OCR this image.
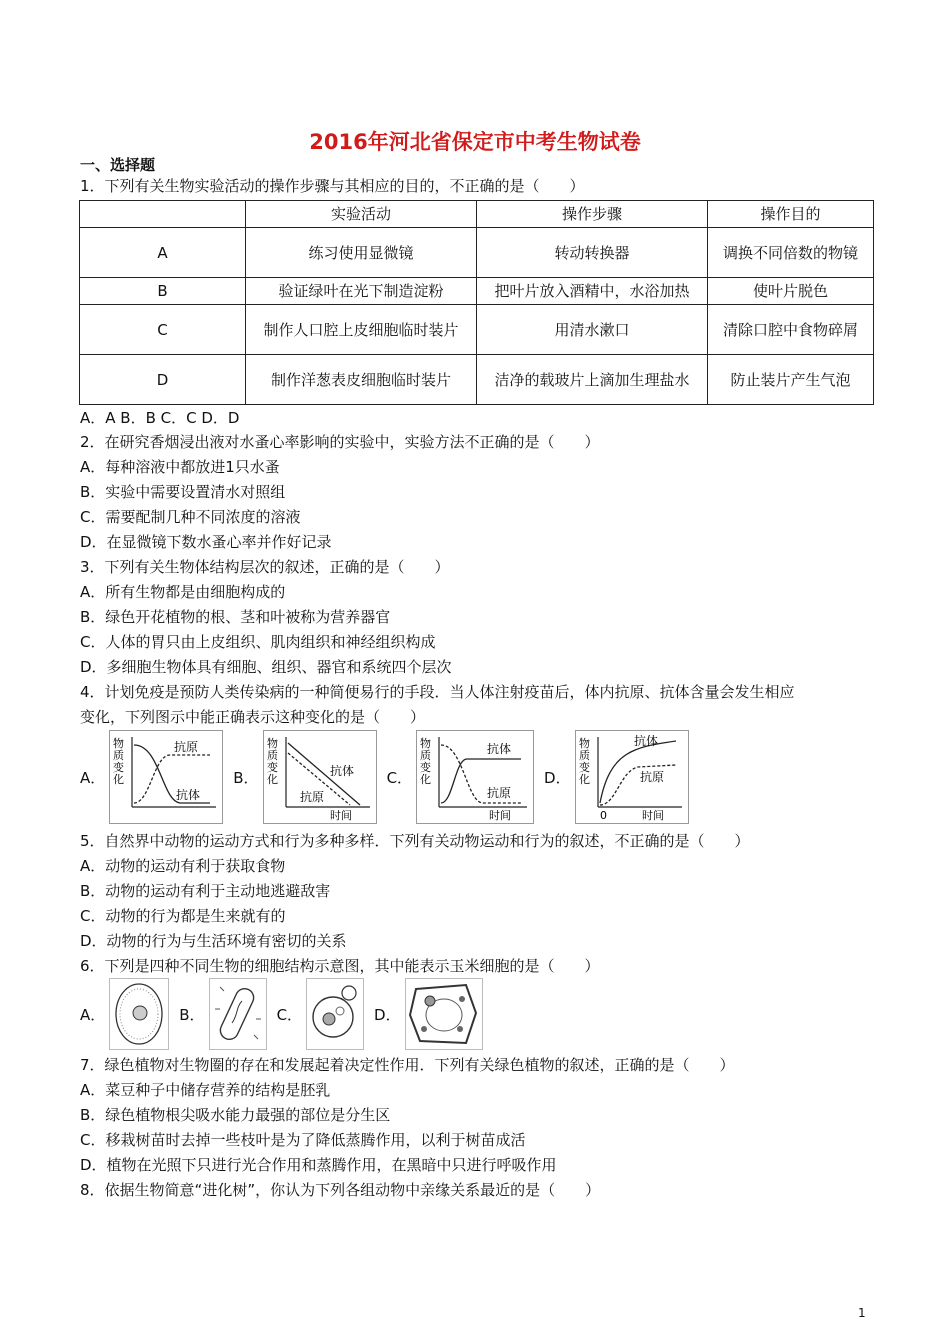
2016年河北省保定市中考生物试卷
一、选择题
1．下列有关生物实验活动的操作步骤与其相应的目的，不正确的是（　　）
	实验活动	操作步骤	操作目的
A	练习使用显微镜	转动转换器	调换不同倍数的物镜
B	验证绿叶在光下制造淀粉	把叶片放入酒精中，水浴加热	使叶片脱色
C	制作人口腔上皮细胞临时装片	用清水漱口	清除口腔中食物碎屑
D	制作洋葱表皮细胞临时装片	洁净的载玻片上滴加生理盐水	防止装片产生气泡
A．A B．B C．C D．D
2．在研究香烟浸出液对水蚤心率影响的实验中，实验方法不正确的是（　　）
A．每种溶液中都放进1只水蚤
B．实验中需要设置清水对照组
C．需要配制几种不同浓度的溶液
D．在显微镜下数水蚤心率并作好记录
3．下列有关生物体结构层次的叙述，正确的是（　　）
A．所有生物都是由细胞构成的
B．绿色开花植物的根、茎和叶被称为营养器官
C．人体的胃只由上皮组织、肌肉组织和神经组织构成
D．多细胞生物体具有细胞、组织、器官和系统四个层次
4．计划免疫是预防人类传染病的一种简便易行的手段．当人体注射疫苗后，体内抗原、抗体含量会发生相应
变化，下列图示中能正确表示这种变化的是（　　）
A．
物质变化
抗原
抗体
B．
物质变化
抗体
抗原
时间
C．
物质变化
抗体
抗原
时间
D．
物质变化
抗体
抗原
0	时间
5．自然界中动物的运动方式和行为多种多样．下列有关动物运动和行为的叙述，不正确的是（　　）
A．动物的运动有利于获取食物
B．动物的运动有利于主动地逃避敌害
C．动物的行为都是生来就有的
D．动物的行为与生活环境有密切的关系
6．下列是四种不同生物的细胞结构示意图，其中能表示玉米细胞的是（　　）
A．	B．	C．	D．
7．绿色植物对生物圈的存在和发展起着决定性作用．下列有关绿色植物的叙述，正确的是（　　）
A．菜豆种子中储存营养的结构是胚乳
B．绿色植物根尖吸水能力最强的部位是分生区
C．移栽树苗时去掉一些枝叶是为了降低蒸腾作用，以利于树苗成活
D．植物在光照下只进行光合作用和蒸腾作用，在黑暗中只进行呼吸作用
8．依据生物简意“进化树”，你认为下列各组动物中亲缘关系最近的是（　　）
1
